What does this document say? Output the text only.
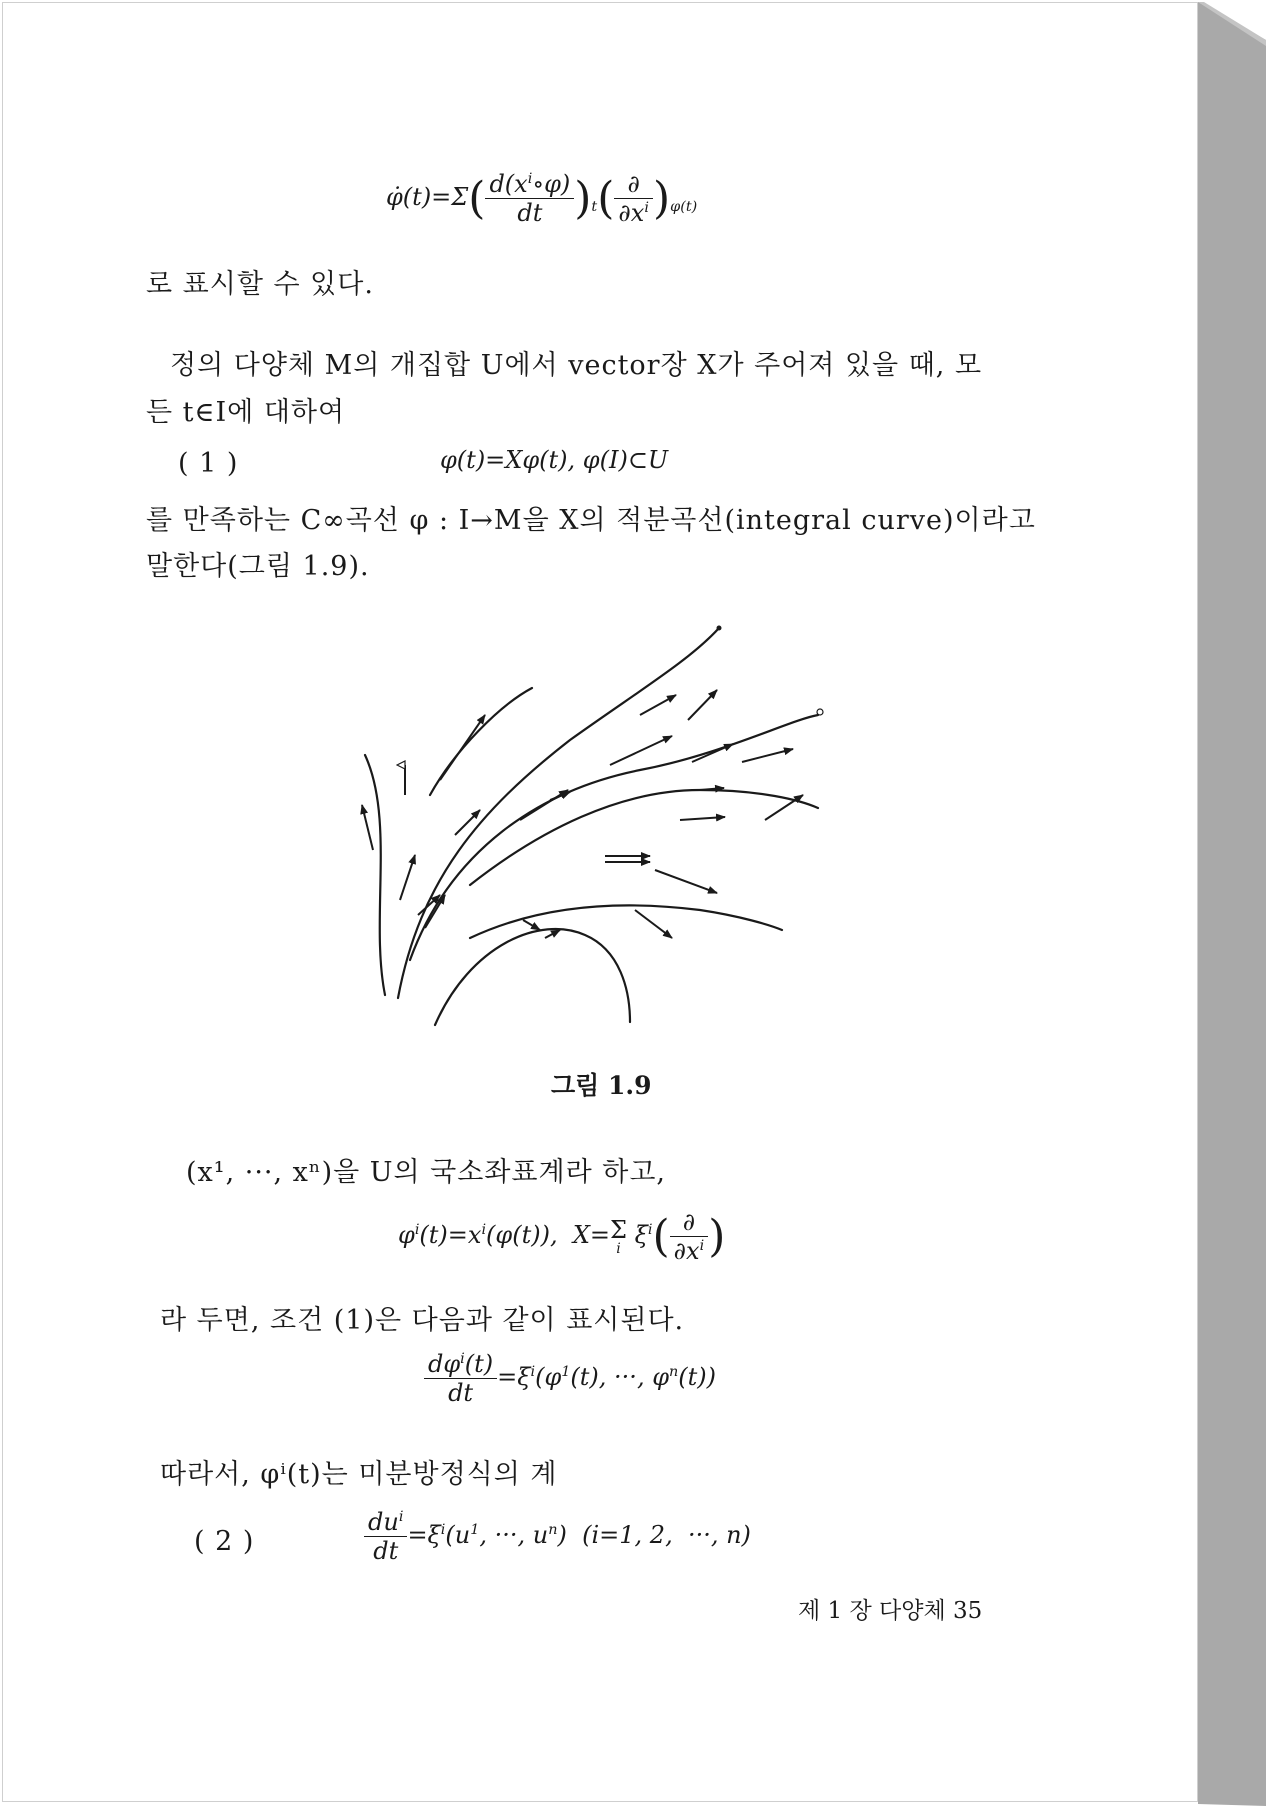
φ̇(t)=Σ( $\frac{d(x^i\circ\varphi)}{dt} )_t( \frac{\partial}{\partial x^i} )_{\varphi(t)}$
로 표시할 수 있다.
정의 다양체 M의 개집합 U에서 vector장 X가 주어져 있을 때, 모
든 t∈I에 대하여
( 1 )	φ(t)=Xφ(t), φ(I)⊂U
를 만족하는 C∞곡선 φ : I→M을 X의 적분곡선(integral curve)이라고
말한다(그림 1.9).
그림 1.9
(x¹, ···, xⁿ)을 U의 국소좌표계라 하고,
$\varphi^i(t)=x^i(\varphi(t))$,  X= Σ
i $\xi^i( \frac{\partial}{\partial x^i}$ )
라 두면, 조건 (1)은 다음과 같이 표시된다.
$\frac{d\varphi^i(t)}{dt} =\xi^i(\varphi^1(t)$, ···, $\varphi^n(t)$)
따라서, φⁱ(t)는 미분방정식의 계
( 2 )	$\frac{du^i}{dt} =\xi^i(u^1$, ···, $u^n$)  (i=1, 2,  ···, n)
제 1 장 다양체 35
